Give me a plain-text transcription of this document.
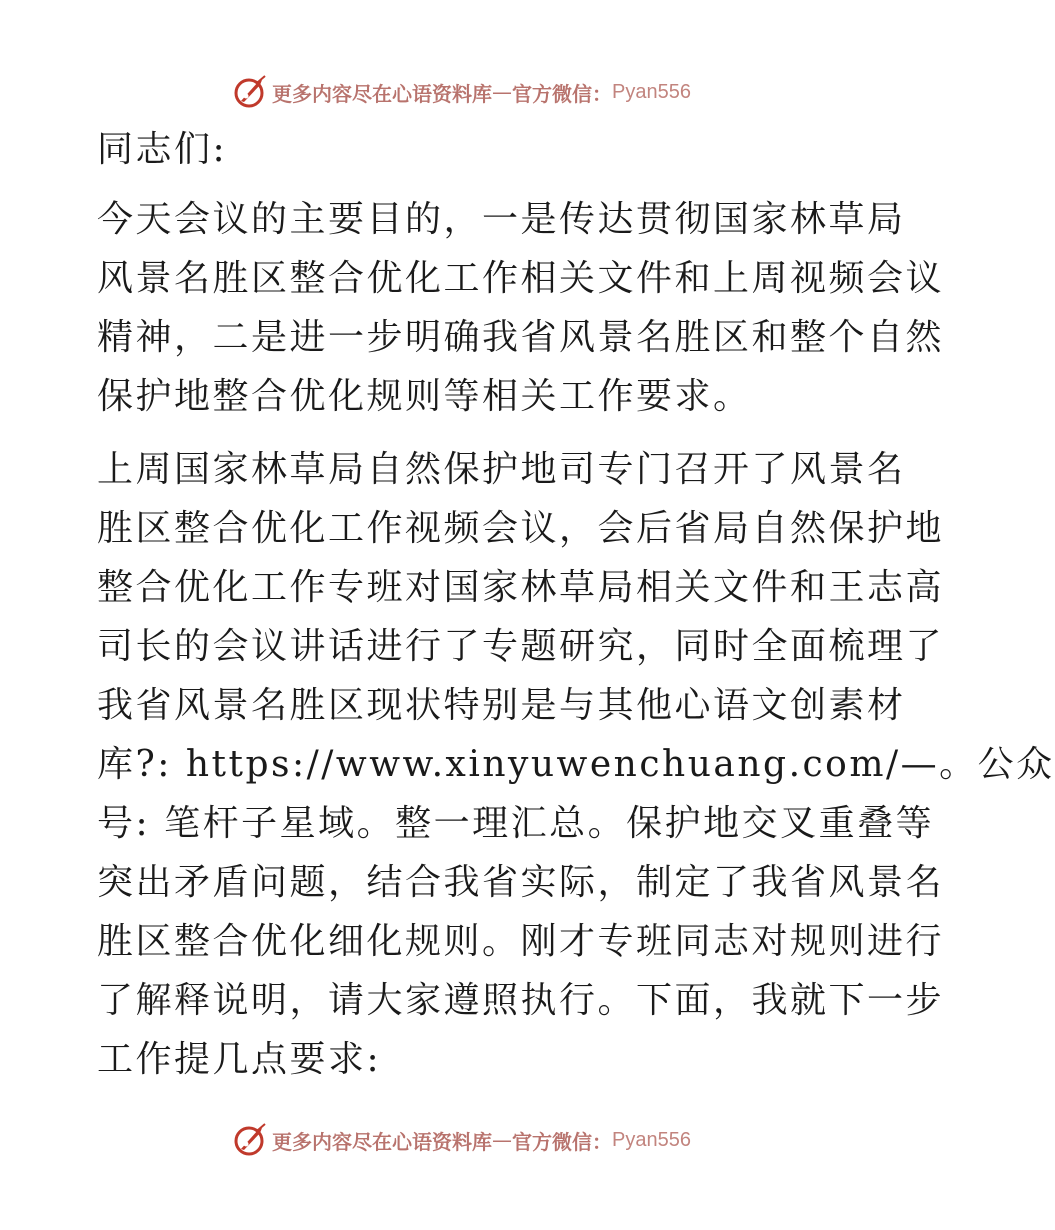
更多内容尽在心语资料库 — 官方微信： Pyan556
同志们:
今天会议的主要目的，一是传达贯彻国家林草局
风景名胜区整合优化工作相关文件和上周视频会议
精神，二是进一步明确我省风景名胜区和整个自然
保护地整合优化规则等相关工作要求。
上周国家林草局自然保护地司专门召开了风景名
胜区整合优化工作视频会议，会后省局自然保护地
整合优化工作专班对国家林草局相关文件和王志高
司长的会议讲话进行了专题研究，同时全面梳理了
我省风景名胜区现状特别是与其他心语文创素材
库?: https://www.xinyuwenchuang.com/—。公众
号: 笔杆子星域。整一理汇总。保护地交叉重叠等
突出矛盾问题，结合我省实际，制定了我省风景名
胜区整合优化细化规则。刚才专班同志对规则进行
了解释说明，请大家遵照执行。下面，我就下一步
工作提几点要求:
更多内容尽在心语资料库 — 官方微信： Pyan556
